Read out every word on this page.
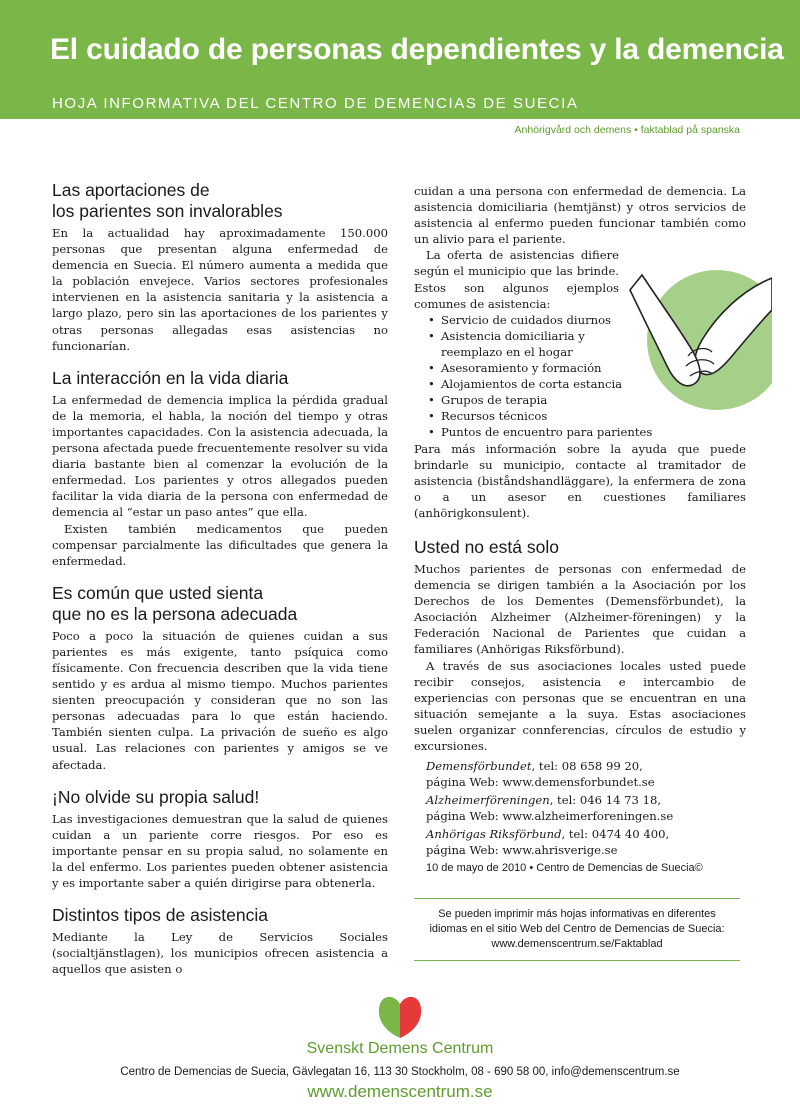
El cuidado de personas dependientes y la demencia
HOJA INFORMATIVA DEL CENTRO DE DEMENCIAS DE SUECIA
Anhörigvård och demens • faktablad på spanska
Las aportaciones de
los parientes son invalorables

En la actualidad hay aproximadamente 150.000 personas que presentan alguna enfermedad de demencia en Suecia. El número aumenta a medida que la población envejece. Varios sectores profesionales intervienen en la asistencia sanitaria y la asistencia a largo plazo, pero sin las aportaciones de los parientes y otras personas allegadas esas asistencias no funcionarían.

La interacción en la vida diaria

La enfermedad de demencia implica la pérdida gradual de la memoria, el habla, la noción del tiempo y otras importantes capacidades. Con la asistencia adecuada, la persona afectada puede frecuentemente resolver su vida diaria bastante bien al comenzar la evolución de la enfermedad. Los parientes y otros allegados pueden facilitar la vida diaria de la persona con enfermedad de demencia al “estar un paso antes” que ella.

Existen también medicamentos que pueden compensar parcialmente las dificultades que genera la enfermedad.

Es común que usted sienta
que no es la persona adecuada

Poco a poco la situación de quienes cuidan a sus parientes es más exigente, tanto psíquica como físicamente. Con frecuencia describen que la vida tiene sentido y es ardua al mismo tiempo. Muchos parientes sienten preocupación y consideran que no son las personas adecuadas para lo que están haciendo. También sienten culpa. La privación de sueño es algo usual. Las relaciones con parientes y amigos se ve afectada.

¡No olvide su propia salud!

Las investigaciones demuestran que la salud de quienes cuidan a un pariente corre riesgos. Por eso es importante pensar en su propia salud, no solamente en la del enfermo. Los parientes pueden obtener asistencia y es importante saber a quién dirigirse para obtenerla.

Distintos tipos de asistencia

Mediante la Ley de Servicios Sociales (socialtjänstlagen), los municipios ofrecen asistencia a aquellos que asisten o

cuidan a una persona con enfermedad de demencia. La asistencia domiciliaria (hemtjänst) y otros servicios de asistencia al enfermo pueden funcionar también como un alivio para el pariente.

La oferta de asistencias difiere según el municipio que las brinde. Estos son algunos ejemplos comunes de asistencia:

• Servicio de cuidados diurnos
• Asistencia domiciliaria y reemplazo en el hogar
• Asesoramiento y formación
• Alojamientos de corta estancia
• Grupos de terapia
• Recursos técnicos
• Puntos de encuentro para parientes

Para más información sobre la ayuda que puede brindarle su municipio, contacte al tramitador de asistencia (biståndshandläggare), la enfermera de zona o a un asesor en cuestiones familiares (anhörigkonsulent).

Usted no está solo

Muchos parientes de personas con enfermedad de demencia se dirigen también a la Asociación por los Derechos de los Dementes (Demensförbundet), la Asociación Alzheimer (Alzheimer-föreningen) y la Federación Nacional de Parientes que cuidan a familiares (Anhörigas Riksförbund).

A través de sus asociaciones locales usted puede recibir consejos, asistencia e intercambio de experiencias con personas que se encuentran en una situación semejante a la suya. Estas asociaciones suelen organizar connferencias, círculos de estudio y excursiones.

Demensförbundet, tel: 08 658 99 20,
página Web: www.demensforbundet.se
Alzheimerföreningen, tel: 046 14 73 18,
página Web: www.alzheimerforeningen.se
Anhörigas Riksförbund, tel: 0474 40 400,
página Web: www.ahrisverige.se
10 de mayo de 2010 • Centro de Demencias de Suecia©
Se pueden imprimir más hojas informativas en diferentes
idiomas en el sitio Web del Centro de Demencias de Suecia:
www.demenscentrum.se/Faktablad
Svenskt Demens Centrum
Centro de Demencias de Suecia, Gävlegatan 16, 113 30 Stockholm, 08 - 690 58 00, info@demenscentrum.se
www.demenscentrum.se
